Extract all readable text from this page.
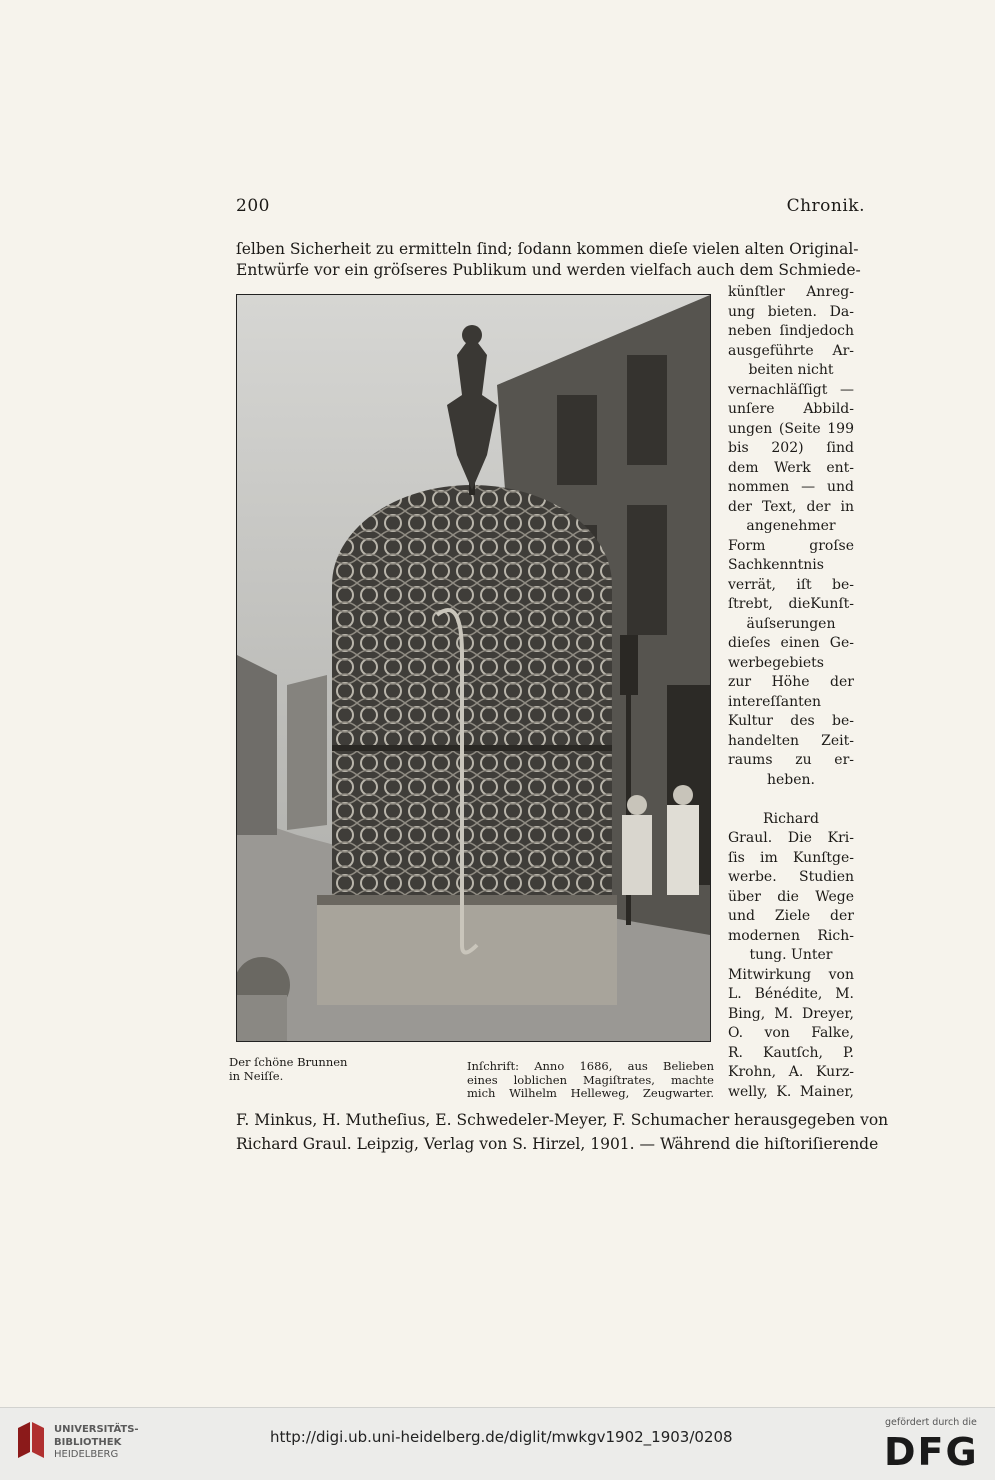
200	Chronik.
ſelben Sicherheit zu ermitteln ſind; ſodann kommen dieſe vielen alten Original-
Entwürfe vor ein gröſseres Publikum und werden vielfach auch dem Schmiede-
Der ſchöne Brunnen
in Neiſſe.
Inſchrift: Anno 1686, aus Belieben
eines loblichen Magiſtrates, machte
mich Wilhelm Helleweg, Zeugwarter.
künſtler Anreg-
ung bieten. Da-
neben ſindjedoch
ausgeführte Ar-
beiten nicht
vernachläſſigt —
unſere Abbild-
ungen (Seite 199
bis 202) ſind
dem Werk ent-
nommen — und
der Text, der in
angenehmer
Form groſse
Sachkenntnis
verrät, iſt be-
ſtrebt, dieKunſt-
äuſserungen
dieſes einen Ge-
werbegebiets
zur Höhe der
intereſſanten
Kultur des be-
handelten Zeit-
raums zu er-
heben.

Richard
Graul. Die Kri-
ſis im Kunſtge-
werbe. Studien
über die Wege
und Ziele der
modernen Rich-
tung. Unter
Mitwirkung von
L. Bénédite, M.
Bing, M. Dreyer,
O. von Falke,
R. Kautſch, P.
Krohn, A. Kurz-
welly, K. Mainer,
F. Minkus, H. Mutheſius, E. Schwedeler-Meyer, F. Schumacher herausgegeben von
Richard Graul. Leipzig, Verlag von S. Hirzel, 1901. — Während die hiſtoriſierende
UNIVERSITÄTS-
BIBLIOTHEK
HEIDELBERG
http://digi.ub.uni-heidelberg.de/diglit/mwkgv1902_1903/0208
gefördert durch die
DFG
